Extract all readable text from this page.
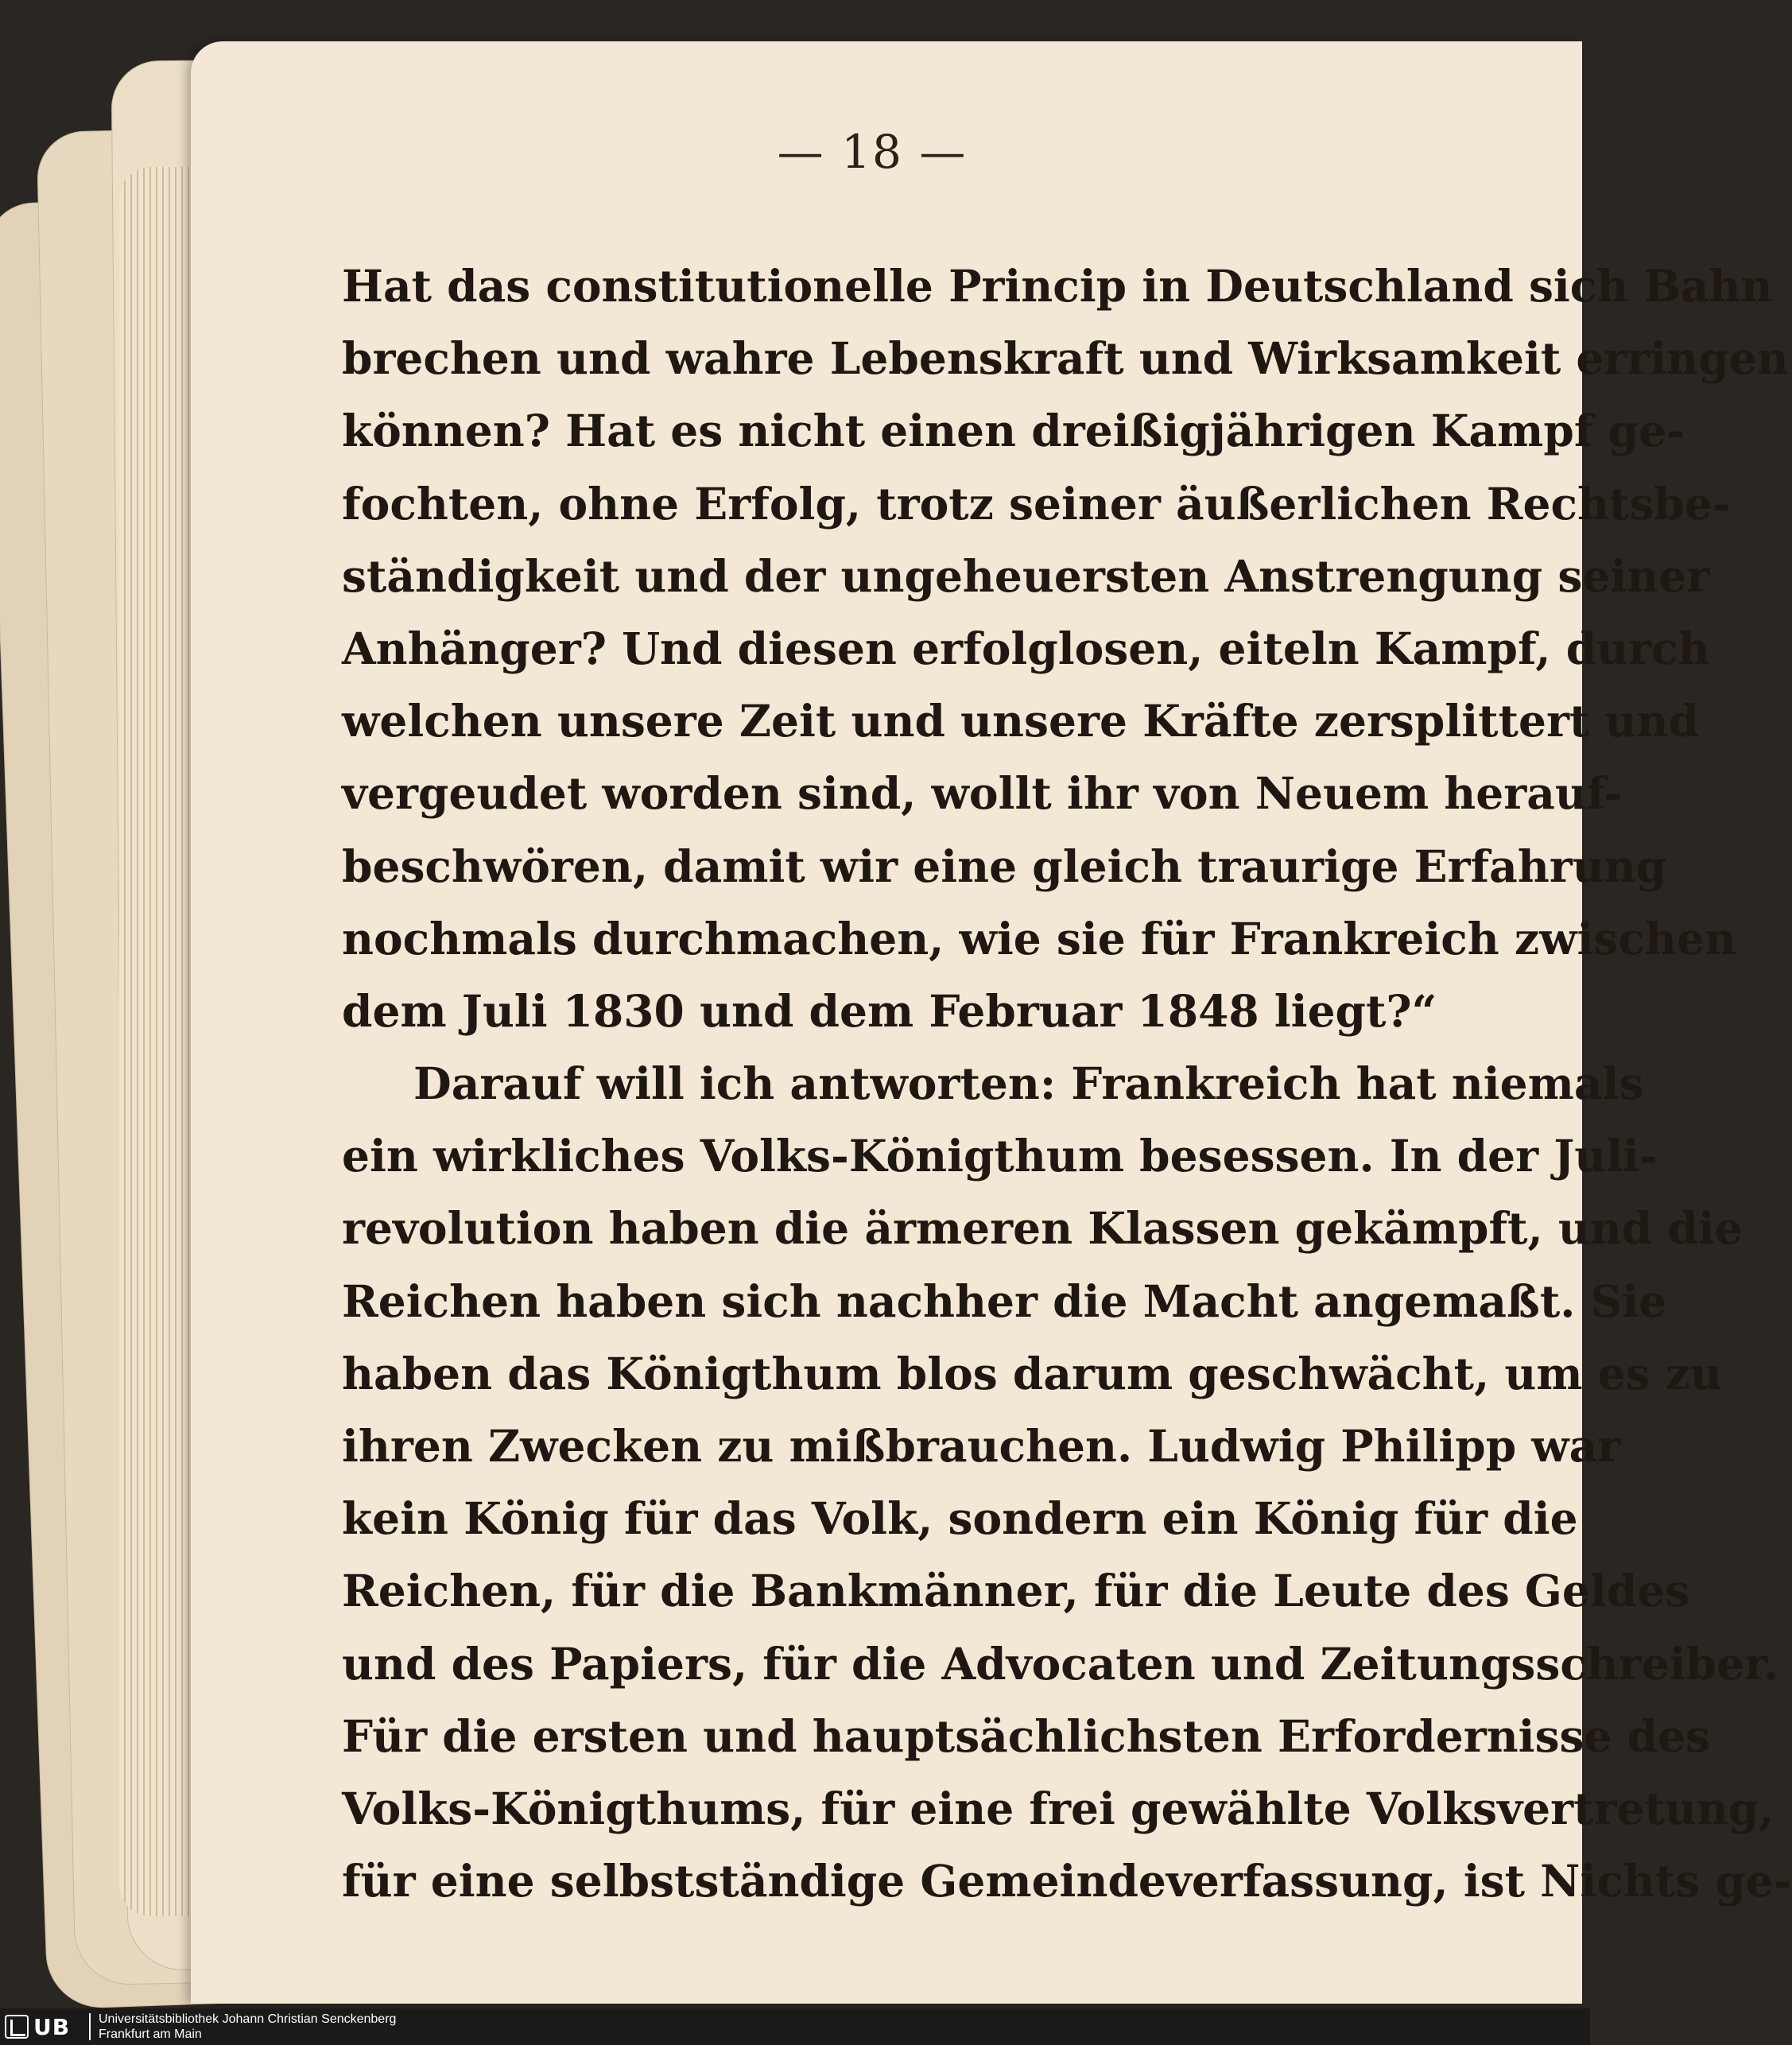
— 18 —
Hat das constitutionelle Princip in Deutschland sich Bahn
brechen und wahre Lebenskraft und Wirksamkeit erringen
können? Hat es nicht einen dreißigjährigen Kampf ge-
fochten, ohne Erfolg, trotz seiner äußerlichen Rechtsbe-
ständigkeit und der ungeheuersten Anstrengung seiner
Anhänger? Und diesen erfolglosen, eiteln Kampf, durch
welchen unsere Zeit und unsere Kräfte zersplittert und
vergeudet worden sind, wollt ihr von Neuem herauf-
beschwören, damit wir eine gleich traurige Erfahrung
nochmals durchmachen, wie sie für Frankreich zwischen
dem Juli 1830 und dem Februar 1848 liegt?“
Darauf will ich antworten: Frankreich hat niemals
ein wirkliches Volks-Königthum besessen. In der Juli-
revolution haben die ärmeren Klassen gekämpft, und die
Reichen haben sich nachher die Macht angemaßt. Sie
haben das Königthum blos darum geschwächt, um es zu
ihren Zwecken zu mißbrauchen. Ludwig Philipp war
kein König für das Volk, sondern ein König für die
Reichen, für die Bankmänner, für die Leute des Geldes
und des Papiers, für die Advocaten und Zeitungsschreiber.
Für die ersten und hauptsächlichsten Erfordernisse des
Volks-Königthums, für eine frei gewählte Volksvertretung,
für eine selbstständige Gemeindeverfassung, ist Nichts ge-
UB Universitätsbibliothek Johann Christian Senckenberg
Frankfurt am Main
